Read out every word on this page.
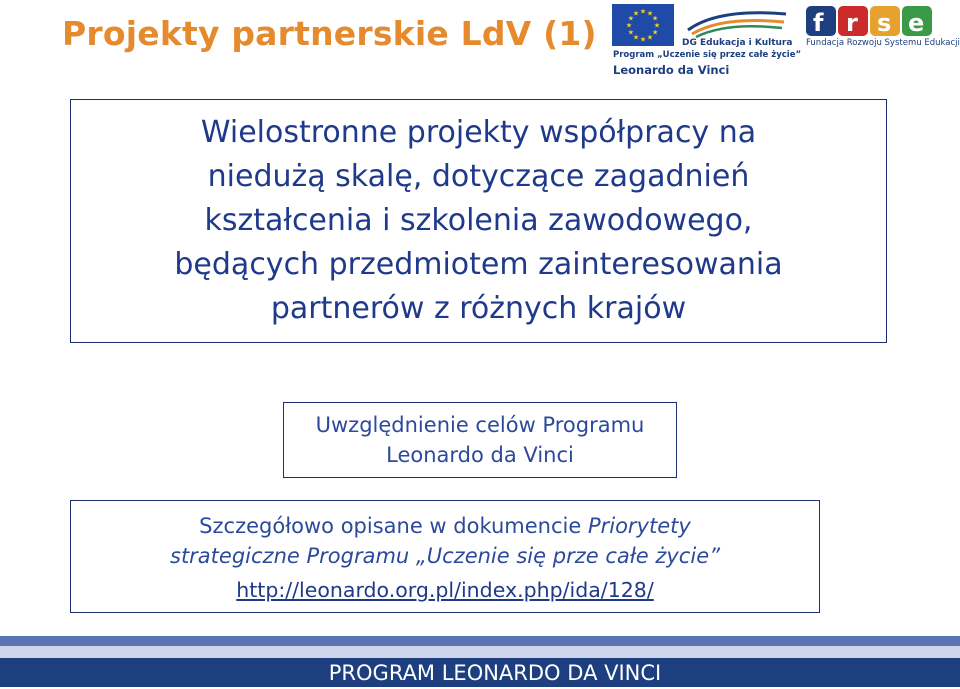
Projekty partnerskie LdV (1)
★ ★
★
★
★
★
★
★
★
★
★
★
DG Edukacja i Kultura
Program „Uczenie się przez całe życie”
Leonardo da Vinci
f r s e
Fundacja Rozwoju Systemu Edukacji

Wielostronne projekty współpracy na

niedużą skalę, dotyczące zagadnień

kształcenia i szkolenia zawodowego,

będących przedmiotem zainteresowania

partnerów z różnych krajów

Uwzględnienie celów Programu

Leonardo da Vinci

Szczegółowo opisane w dokumencie Priorytety

strategiczne Programu „Uczenie się prze całe życie”

http://leonardo.org.pl/index.php/ida/128/
PROGRAM LEONARDO DA VINCI
